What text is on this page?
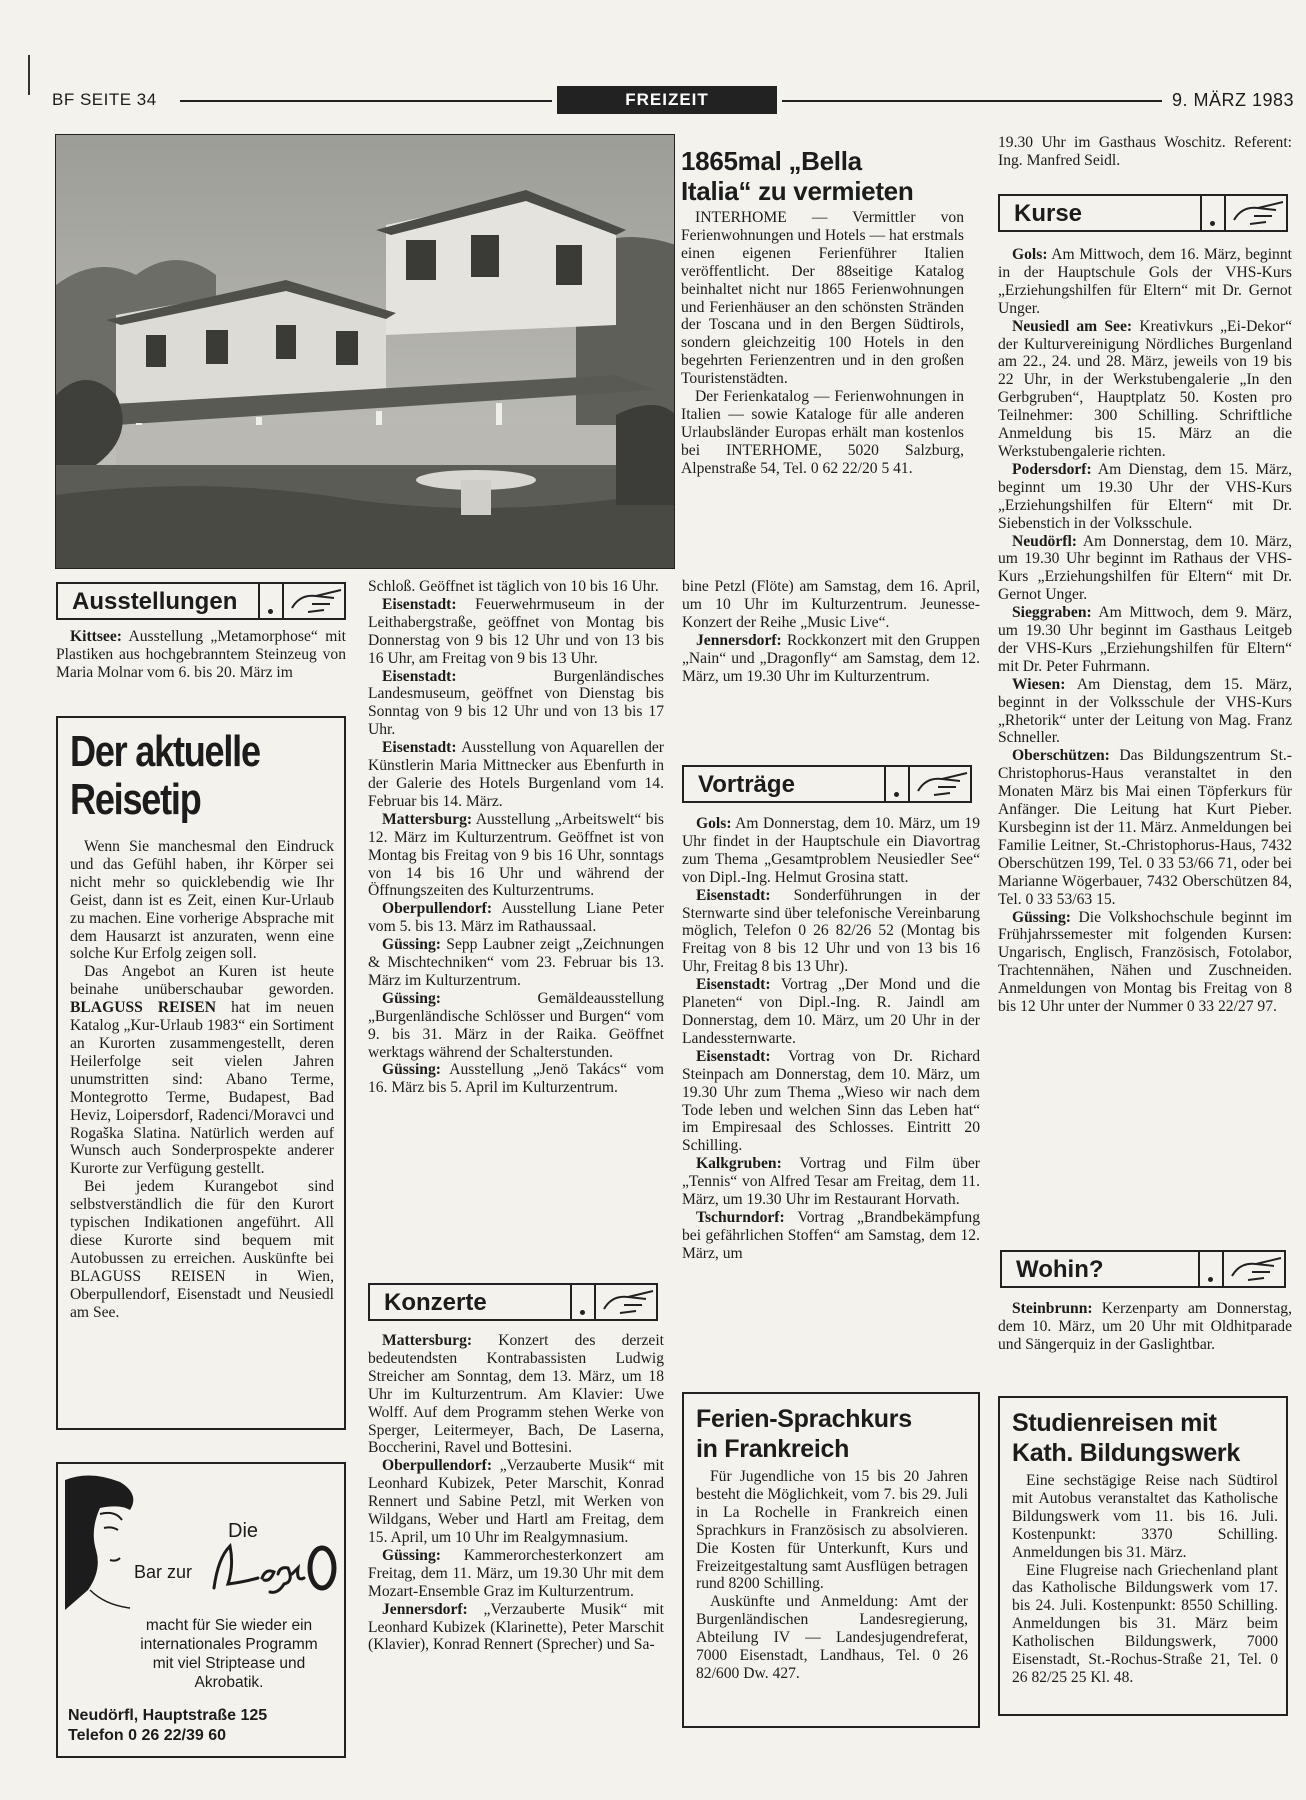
BF SEITE 34	FREIZEIT	9. MÄRZ 1983
1865mal „Bella
Italia“ zu vermieten

INTERHOME — Vermittler von Ferienwohnungen und Hotels — hat erstmals einen eigenen Ferienführer Italien veröffentlicht. Der 88seitige Katalog beinhaltet nicht nur 1865 Ferienwohnungen und Ferienhäuser an den schönsten Stränden der Toscana und in den Bergen Südtirols, sondern gleichzeitig 100 Hotels in den begehrten Ferienzentren und in den großen Touristenstädten.

Der Ferienkatalog — Ferienwohnungen in Italien — sowie Kataloge für alle anderen Urlaubsländer Europas erhält man kostenlos bei INTERHOME, 5020 Salzburg, Alpenstraße 54, Tel. 0 62 22/20 5 41.

19.30 Uhr im Gasthaus Woschitz. Referent: Ing. Manfred Seidl.
Kurse

Gols: Am Mittwoch, dem 16. März, beginnt in der Hauptschule Gols der VHS-Kurs „Erziehungshilfen für Eltern“ mit Dr. Gernot Unger.

Neusiedl am See: Kreativkurs „Ei-Dekor“ der Kulturvereinigung Nördliches Burgenland am 22., 24. und 28. März, jeweils von 19 bis 22 Uhr, in der Werkstubengalerie „In den Gerbgruben“, Hauptplatz 50. Kosten pro Teilnehmer: 300 Schilling. Schriftliche Anmeldung bis 15. März an die Werkstubengalerie richten.

Podersdorf: Am Dienstag, dem 15. März, beginnt um 19.30 Uhr der VHS-Kurs „Erziehungshilfen für Eltern“ mit Dr. Siebenstich in der Volksschule.

Neudörfl: Am Donnerstag, dem 10. März, um 19.30 Uhr beginnt im Rathaus der VHS-Kurs „Erziehungshilfen für Eltern“ mit Dr. Gernot Unger.

Sieggraben: Am Mittwoch, dem 9. März, um 19.30 Uhr beginnt im Gasthaus Leitgeb der VHS-Kurs „Erziehungshilfen für Eltern“ mit Dr. Peter Fuhrmann.

Wiesen: Am Dienstag, dem 15. März, beginnt in der Volksschule der VHS-Kurs „Rhetorik“ unter der Leitung von Mag. Franz Schneller.

Oberschützen: Das Bildungszentrum St.-Christophorus-Haus veranstaltet in den Monaten März bis Mai einen Töpferkurs für Anfänger. Die Leitung hat Kurt Pieber. Kursbeginn ist der 11. März. Anmeldungen bei Familie Leitner, St.-Christophorus-Haus, 7432 Oberschützen 199, Tel. 0 33 53/66 71, oder bei Marianne Wögerbauer, 7432 Oberschützen 84, Tel. 0 33 53/63 15.

Güssing: Die Volkshochschule beginnt im Frühjahrssemester mit folgenden Kursen: Ungarisch, Englisch, Französisch, Fotolabor, Trachtennähen, Nähen und Zuschneiden. Anmeldungen von Montag bis Freitag von 8 bis 12 Uhr unter der Nummer 0 33 22/27 97.

Wohin?

Steinbrunn: Kerzenparty am Donnerstag, dem 10. März, um 20 Uhr mit Oldhitparade und Sängerquiz in der Gaslightbar.

Studienreisen mit
Kath. Bildungswerk

Eine sechstägige Reise nach Südtirol mit Autobus veranstaltet das Katholische Bildungswerk vom 11. bis 16. Juli. Kostenpunkt: 3370 Schilling. Anmeldungen bis 31. März.

Eine Flugreise nach Griechenland plant das Katholische Bildungswerk vom 17. bis 24. Juli. Kostenpunkt: 8550 Schilling. Anmeldungen bis 31. März beim Katholischen Bildungswerk, 7000 Eisenstadt, St.-Rochus-Straße 21, Tel. 0 26 82/25 25 Kl. 48.

Ausstellungen

Kittsee: Ausstellung „Metamorphose“ mit Plastiken aus hochgebranntem Steinzeug von Maria Molnar vom 6. bis 20. März im

Der aktuelle
Reisetip

Wenn Sie manchesmal den Eindruck und das Gefühl haben, ihr Körper sei nicht mehr so quicklebendig wie Ihr Geist, dann ist es Zeit, einen Kur-Urlaub zu machen. Eine vorherige Absprache mit dem Hausarzt ist anzuraten, wenn eine solche Kur Erfolg zeigen soll.

Das Angebot an Kuren ist heute beinahe unüberschaubar geworden. BLAGUSS REISEN hat im neuen Katalog „Kur-Urlaub 1983“ ein Sortiment an Kurorten zusammengestellt, deren Heilerfolge seit vielen Jahren unumstritten sind: Abano Terme, Montegrotto Terme, Budapest, Bad Heviz, Loipersdorf, Radenci/Moravci und Rogaška Slatina. Natürlich werden auf Wunsch auch Sonderprospekte anderer Kurorte zur Verfügung gestellt.

Bei jedem Kurangebot sind selbstverständlich die für den Kurort typischen Indikationen angeführt. All diese Kurorte sind bequem mit Autobussen zu erreichen. Auskünfte bei BLAGUSS REISEN in Wien, Oberpullendorf, Eisenstadt und Neusiedl am See.

Die
Bar zur
macht für Sie wieder ein
internationales Programm
mit viel Striptease und
Akrobatik.
Neudörfl, Hauptstraße 125
Telefon 0 26 22/39 60

Schloß. Geöffnet ist täglich von 10 bis 16 Uhr.

Eisenstadt: Feuerwehrmuseum in der Leithabergstraße, geöffnet von Montag bis Donnerstag von 9 bis 12 Uhr und von 13 bis 16 Uhr, am Freitag von 9 bis 13 Uhr.

Eisenstadt:	Burgenländisches Landesmuseum, geöffnet von Dienstag bis Sonntag von 9 bis 12 Uhr und von 13 bis 17 Uhr.

Eisenstadt: Ausstellung von Aquarellen der Künstlerin Maria Mittnecker aus Ebenfurth in der Galerie des Hotels Burgenland vom 14. Februar bis 14. März.

Mattersburg: Ausstellung „Arbeitswelt“ bis 12. März im Kulturzentrum. Geöffnet ist von Montag bis Freitag von 9 bis 16 Uhr, sonntags von 14 bis 16 Uhr und während der Öffnungszeiten des Kulturzentrums.

Oberpullendorf: Ausstellung Liane Peter vom 5. bis 13. März im Rathaussaal.

Güssing: Sepp Laubner zeigt „Zeichnungen & Mischtechniken“ vom 23. Februar bis 13. März im Kulturzentrum.

Güssing:	Gemäldeausstellung „Burgenländische Schlösser und Burgen“ vom 9. bis 31. März in der Raika. Geöffnet werktags während der Schalterstunden.

Güssing: Ausstellung „Jenö Takács“ vom 16. März bis 5. April im Kulturzentrum.

Konzerte

Mattersburg: Konzert des derzeit bedeutendsten Kontrabassisten Ludwig Streicher am Sonntag, dem 13. März, um 18 Uhr im Kulturzentrum. Am Klavier: Uwe Wolff. Auf dem Programm stehen Werke von Sperger, Leitermeyer, Bach, De Laserna, Boccherini, Ravel und Bottesini.

Oberpullendorf: „Verzauberte Musik“ mit Leonhard Kubizek, Peter Marschit, Konrad Rennert und Sabine Petzl, mit Werken von Wildgans, Weber und Hartl am Freitag, dem 15. April, um 10 Uhr im Realgymnasium.

Güssing: Kammerorchesterkonzert am Freitag, dem 11. März, um 19.30 Uhr mit dem Mozart-Ensemble Graz im Kulturzentrum.

Jennersdorf: „Verzauberte Musik“ mit Leonhard Kubizek (Klarinette), Peter Marschit (Klavier), Konrad Rennert (Sprecher) und Sa-

bine Petzl (Flöte) am Samstag, dem 16. April, um 10 Uhr im Kulturzentrum. Jeunesse-Konzert der Reihe „Music Live“.

Jennersdorf: Rockkonzert mit den Gruppen „Nain“ und „Dragonfly“ am Samstag, dem 12. März, um 19.30 Uhr im Kulturzentrum.

Vorträge

Gols: Am Donnerstag, dem 10. März, um 19 Uhr findet in der Hauptschule ein Diavortrag zum Thema „Gesamtproblem Neusiedler See“ von Dipl.-Ing. Helmut Grosina statt.

Eisenstadt: Sonderführungen in der Sternwarte sind über telefonische Vereinbarung möglich, Telefon 0 26 82/26 52 (Montag bis Freitag von 8 bis 12 Uhr und von 13 bis 16 Uhr, Freitag 8 bis 13 Uhr).

Eisenstadt: Vortrag „Der Mond und die Planeten“ von Dipl.-Ing. R. Jaindl am Donnerstag, dem 10. März, um 20 Uhr in der Landessternwarte.

Eisenstadt: Vortrag von Dr. Richard Steinpach am Donnerstag, dem 10. März, um 19.30 Uhr zum Thema „Wieso wir nach dem Tode leben und welchen Sinn das Leben hat“ im Empiresaal des Schlosses. Eintritt 20 Schilling.

Kalkgruben: Vortrag und Film über „Tennis“ von Alfred Tesar am Freitag, dem 11. März, um 19.30 Uhr im Restaurant Horvath.

Tschurndorf: Vortrag „Brandbekämpfung bei gefährlichen Stoffen“ am Samstag, dem 12. März, um

Ferien-Sprachkurs
in Frankreich

Für Jugendliche von 15 bis 20 Jahren besteht die Möglichkeit, vom 7. bis 29. Juli in La Rochelle in Frankreich einen Sprachkurs in Französisch zu absolvieren. Die Kosten für Unterkunft, Kurs und Freizeitgestaltung samt Ausflügen betragen rund 8200 Schilling.

Auskünfte und Anmeldung: Amt der Burgenländischen Landesregierung, Abteilung IV — Landesjugendreferat, 7000 Eisenstadt, Landhaus, Tel. 0 26 82/600 Dw. 427.
